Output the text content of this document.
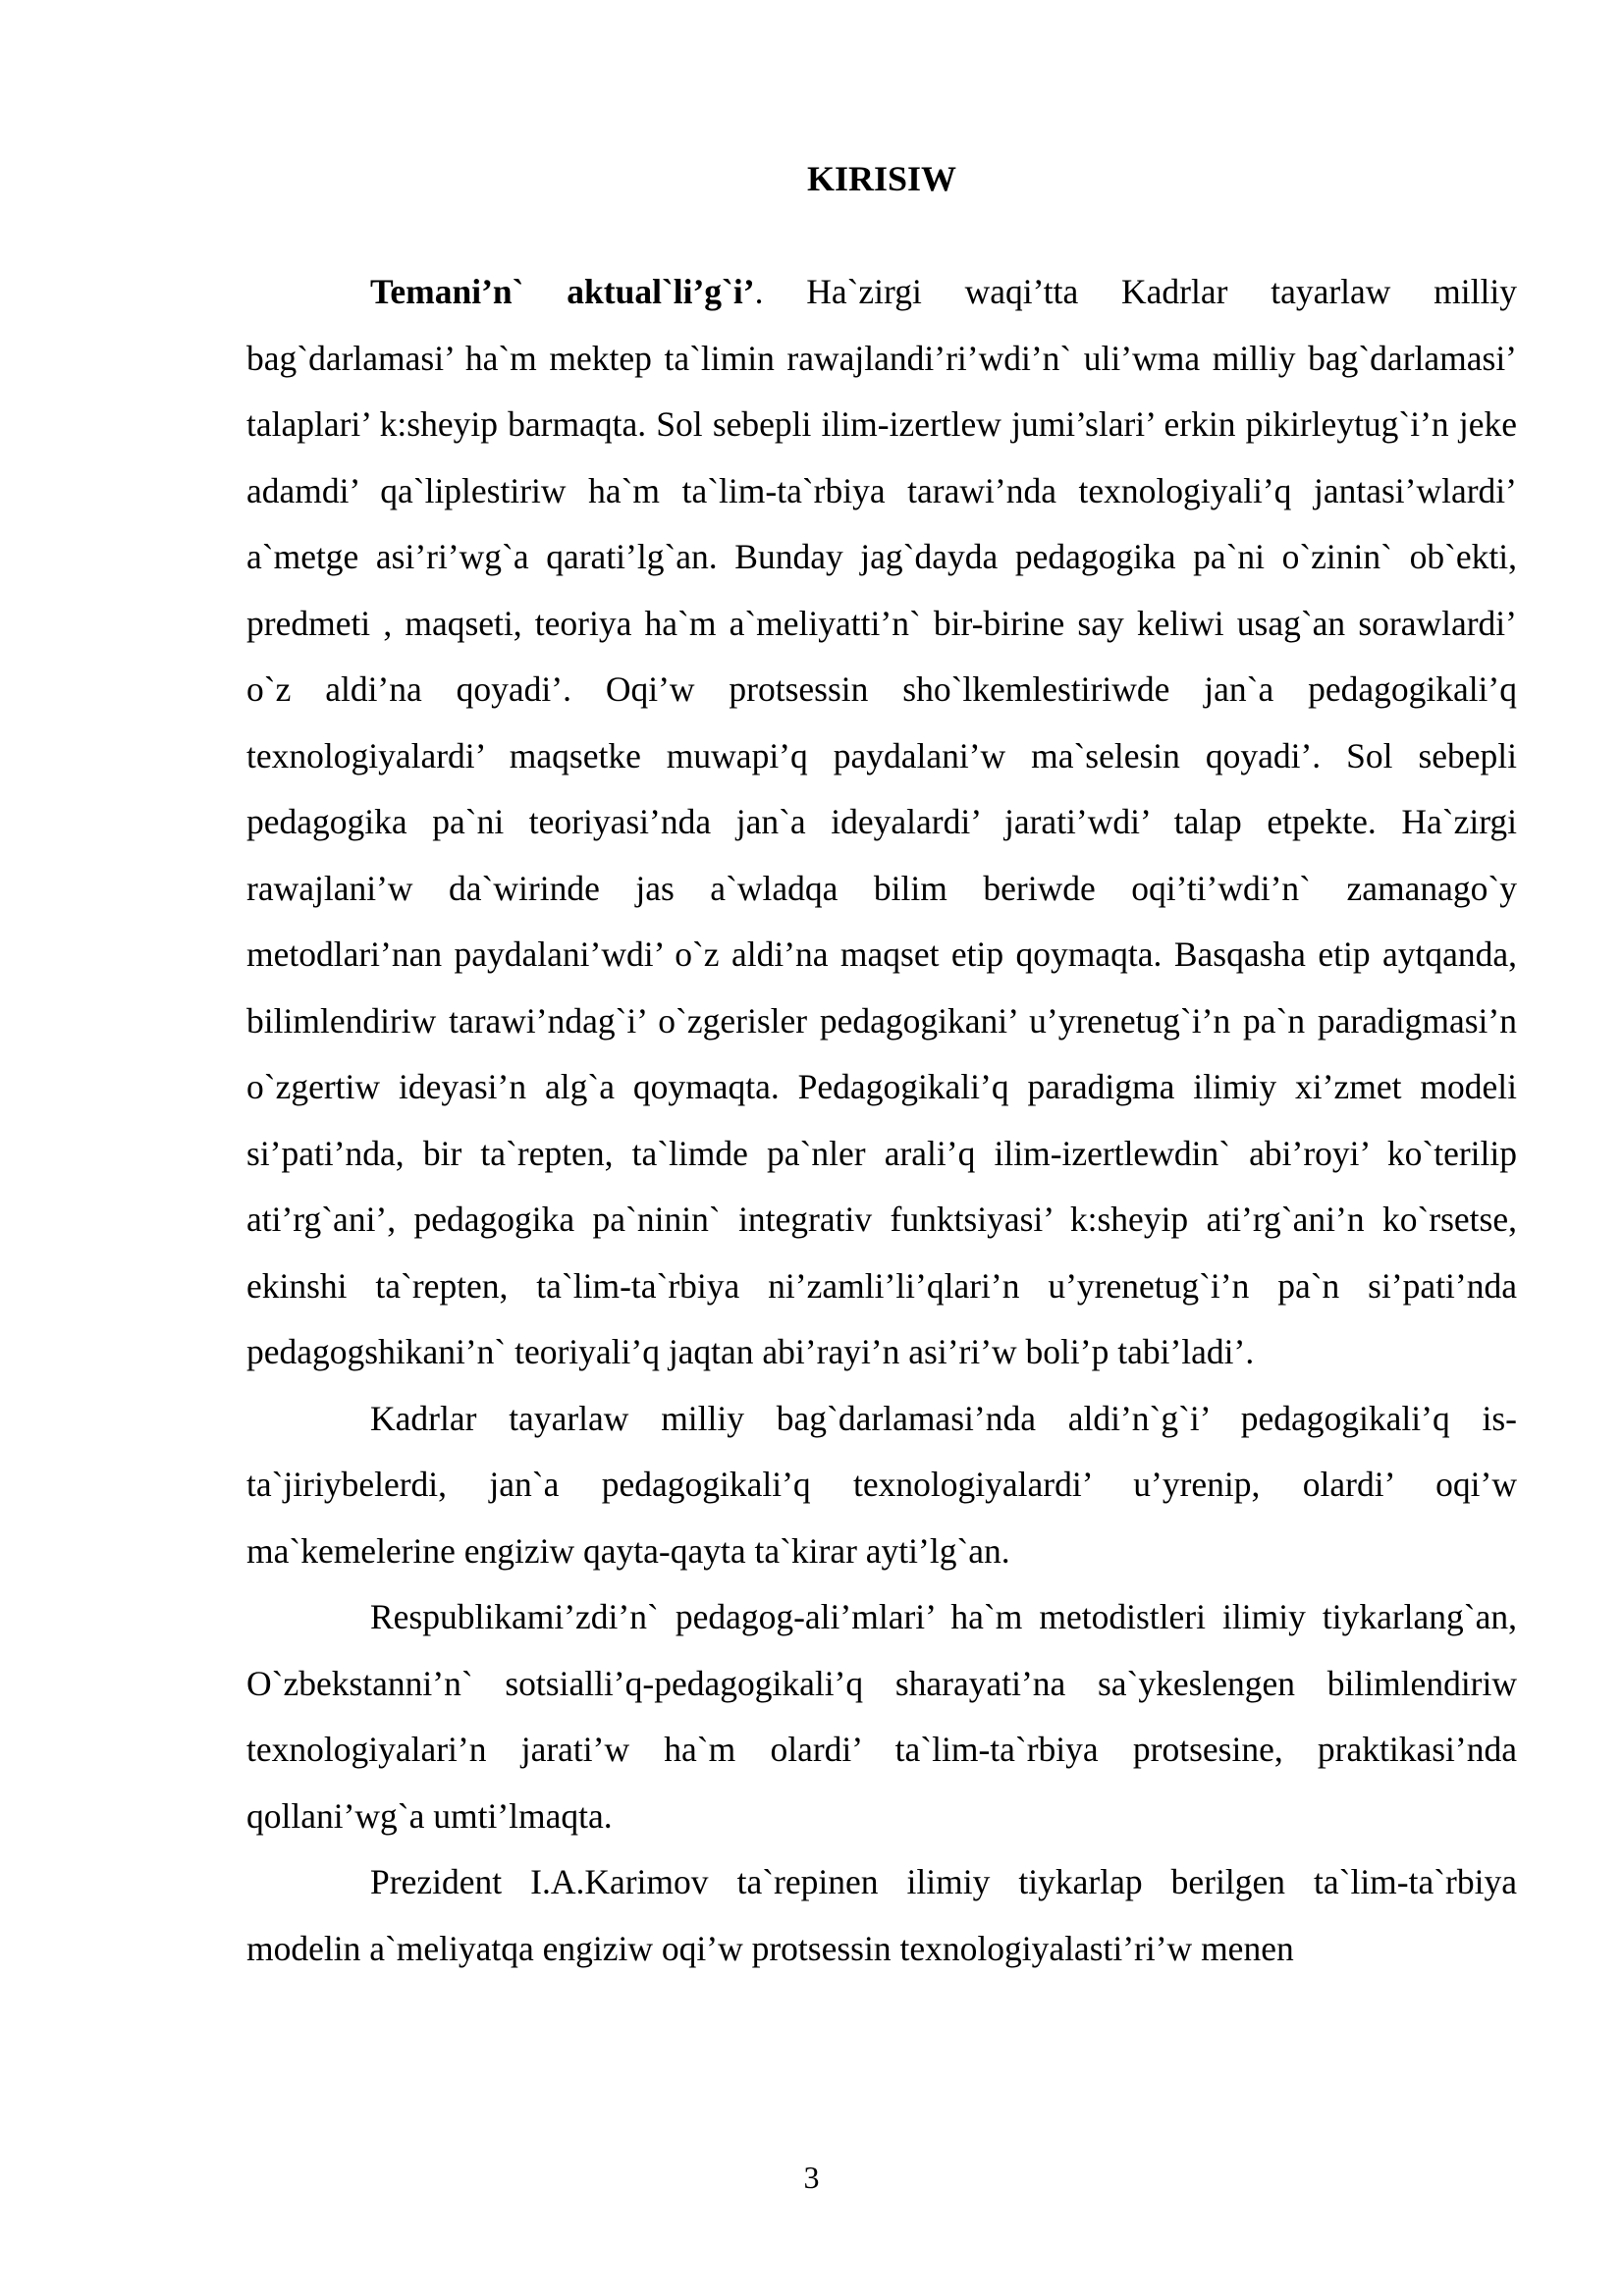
KIRISIW

Temani’n` aktual`li’g`i’. Ha`zirgi waqi’tta Kadrlar tayarlaw milliy bag`darlamasi’ ha`m mektep ta`limin rawajlandi’ri’wdi’n` uli’wma milliy bag`darlamasi’ talaplari’ k:sheyip barmaqta. Sol sebepli ilim-izertlew jumi’slari’ erkin pikirleytug`i’n jeke adamdi’ qa`liplestiriw ha`m ta`lim-ta`rbiya tarawi’nda texnologiyali’q jantasi’wlardi’ a`metge asi’ri’wg`a qarati’lg`an. Bunday jag`dayda pedagogika pa`ni o`zinin` ob`ekti, predmeti , maqseti, teoriya ha`m a`meliyatti’n` bir-birine say keliwi usag`an sorawlardi’ o`z aldi’na qoyadi’. Oqi’w protsessin sho`lkemlestiriwde jan`a pedagogikali’q texnologiyalardi’ maqsetke muwapi’q paydalani’w ma`selesin qoyadi’. Sol sebepli pedagogika pa`ni teoriyasi’nda jan`a ideyalardi’ jarati’wdi’ talap etpekte. Ha`zirgi rawajlani’w da`wirinde jas a`wladqa bilim beriwde oqi’ti’wdi’n` zamanago`y metodlari’nan paydalani’wdi’ o`z aldi’na maqset etip qoymaqta. Basqasha etip aytqanda, bilimlendiriw tarawi’ndag`i’ o`zgerisler pedagogikani’ u’yrenetug`i’n pa`n paradigmasi’n o`zgertiw ideyasi’n alg`a qoymaqta. Pedagogikali’q paradigma ilimiy xi’zmet modeli si’pati’nda, bir ta`repten, ta`limde pa`nler arali’q ilim-izertlewdin` abi’royi’ ko`terilip ati’rg`ani’, pedagogika pa`ninin` integrativ funktsiyasi’ k:sheyip ati’rg`ani’n ko`rsetse, ekinshi ta`repten, ta`lim-ta`rbiya ni’zamli’li’qlari’n u’yrenetug`i’n pa`n si’pati’nda pedagogshikani’n` teoriyali’q jaqtan abi’rayi’n asi’ri’w boli’p tabi’ladi’.

Kadrlar tayarlaw milliy bag`darlamasi’nda aldi’n`g`i’ pedagogikali’q is-ta`jiriybelerdi, jan`a pedagogikali’q texnologiyalardi’ u’yrenip, olardi’ oqi’w ma`kemelerine engiziw qayta-qayta ta`kirar ayti’lg`an.

Respublikami’zdi’n` pedagog-ali’mlari’ ha`m metodistleri ilimiy tiykarlang`an, O`zbekstanni’n` sotsialli’q-pedagogikali’q sharayati’na sa`ykeslengen bilimlendiriw texnologiyalari’n jarati’w ha`m olardi’ ta`lim-ta`rbiya protsesine, praktikasi’nda qollani’wg`a umti’lmaqta.

Prezident I.A.Karimov ta`repinen ilimiy tiykarlap berilgen ta`lim-ta`rbiya modelin a`meliyatqa engiziw oqi’w protsessin texnologiyalasti’ri’w menen

3
